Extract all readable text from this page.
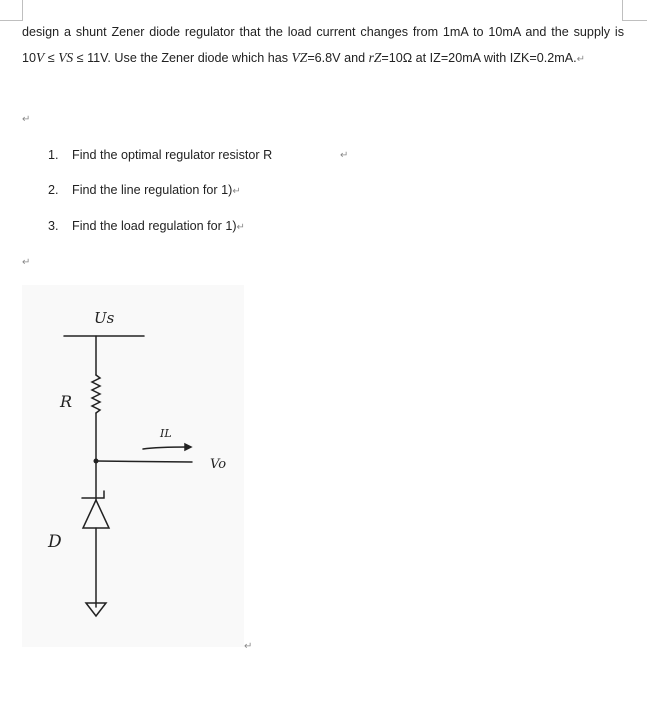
design a shunt Zener diode regulator that the load current changes from 1mA to 10mA and the supply is 10V ≤ VS ≤ 11V. Use the Zener diode which has VZ=6.8V and rZ=10Ω at IZ=20mA with IZK=0.2mA.↵
↵
1. Find the optimal regulator resistor R
2. Find the line regulation for 1)↵
3. Find the load regulation for 1)↵
↵
↵
Us
R
IL
Vo
D
↵
